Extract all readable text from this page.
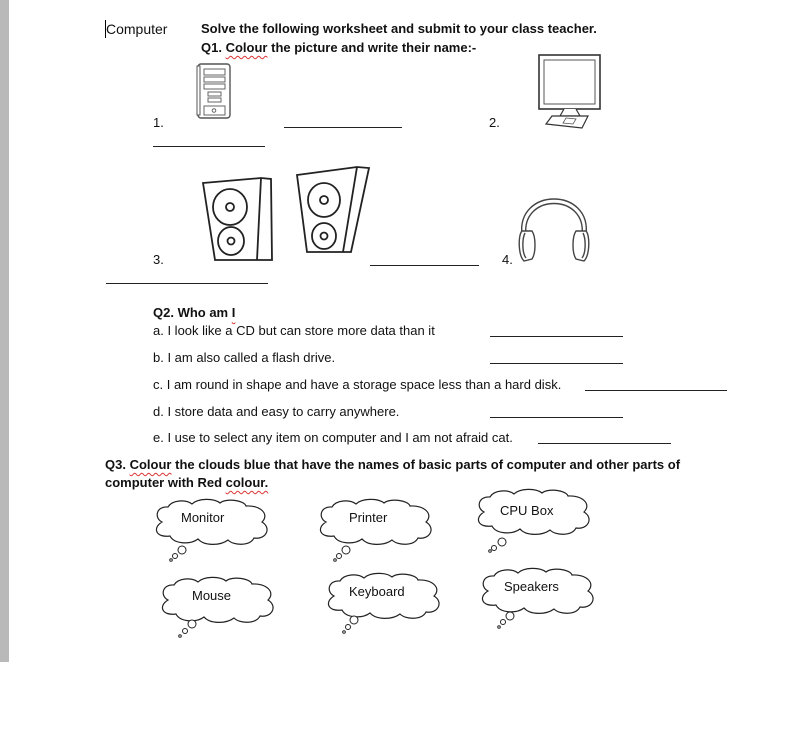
Computer	Solve the following worksheet and submit to your class teacher.
Q1. Colour the picture and write their name:-
1.	2.
3.	4.
Q2. Who am I
a. I look like a CD but can store more data than it
b. I am also called a flash drive.
c. I am round in shape and have a storage space less than a hard disk.
d. I store data and easy to carry anywhere.
e. I use to select any item on computer and I am not afraid cat.
Q3. Colour the clouds blue that have the names of basic parts of computer and other parts of
computer with Red colour.
Monitor	Printer	CPU Box
Mouse	Keyboard	Speakers
